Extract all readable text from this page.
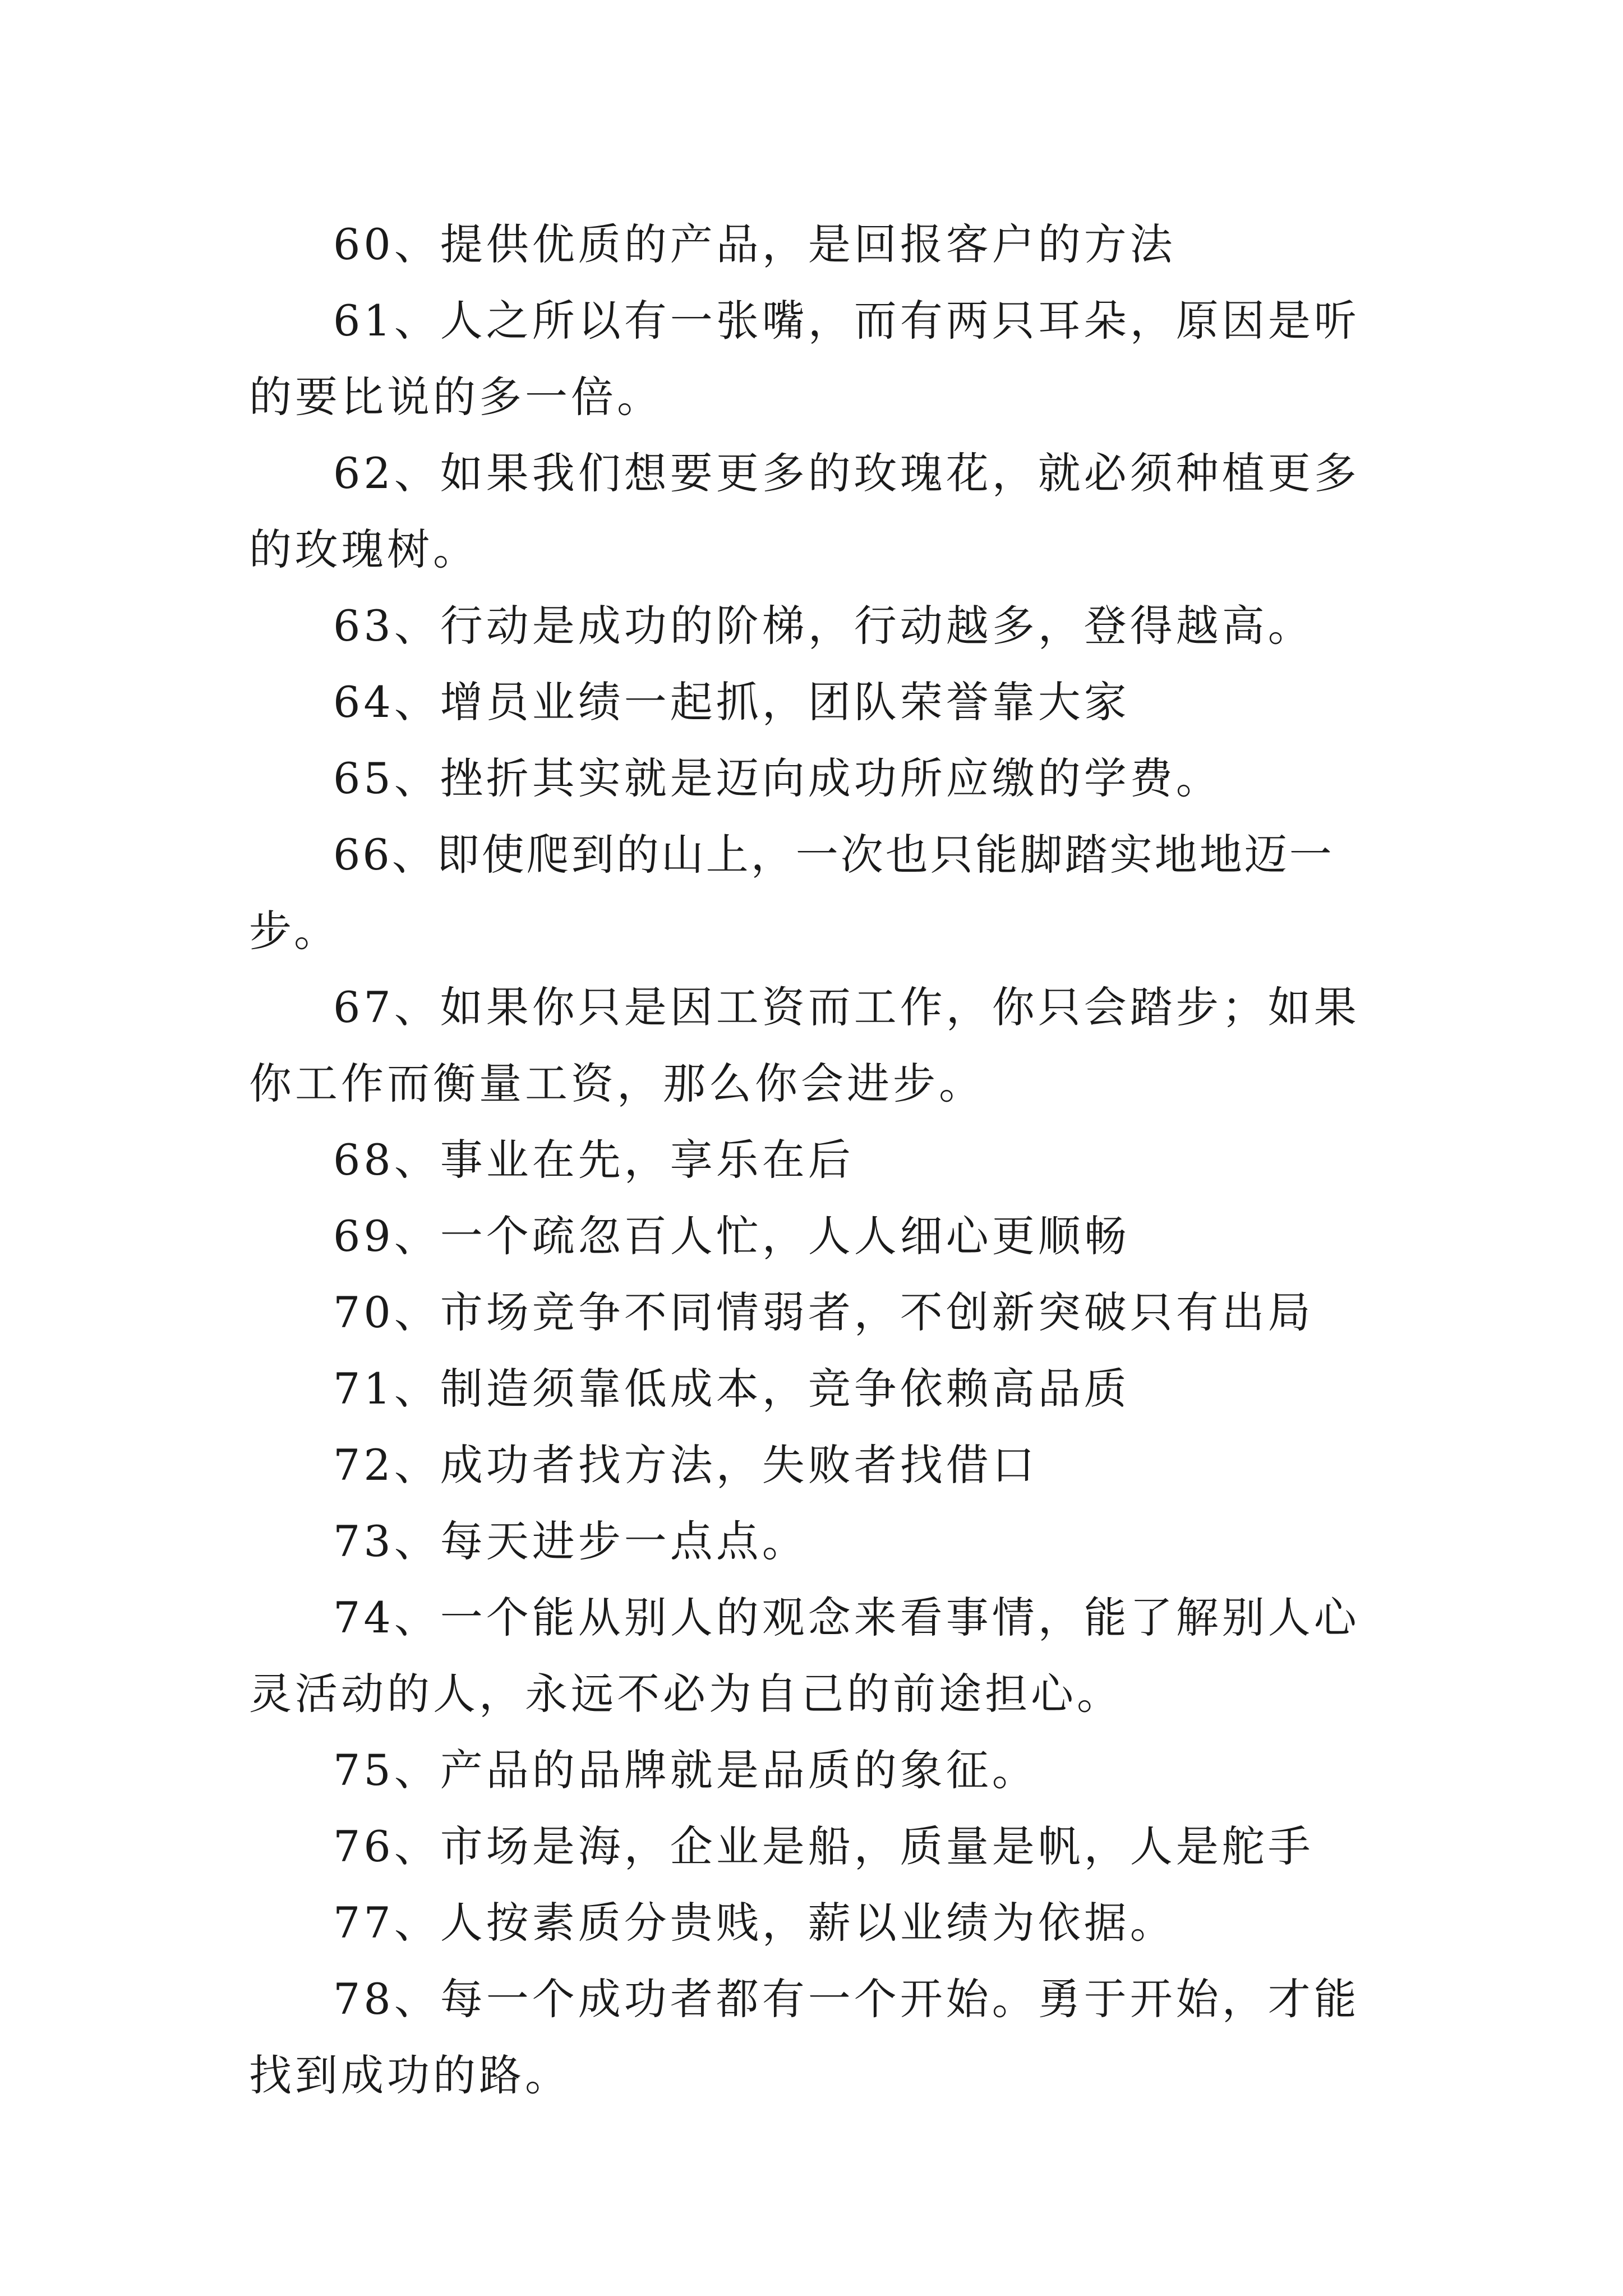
60、提供优质的产品，是回报客户的方法

61、人之所以有一张嘴，而有两只耳朵，原因是听的要比说的多一倍。

62、如果我们想要更多的玫瑰花，就必须种植更多的玫瑰树。

63、行动是成功的阶梯，行动越多，登得越高。

64、增员业绩一起抓，团队荣誉靠大家

65、挫折其实就是迈向成功所应缴的学费。

66、即使爬到的山上，一次也只能脚踏实地地迈一步。

67、如果你只是因工资而工作，你只会踏步；如果你工作而衡量工资，那么你会进步。

68、事业在先，享乐在后

69、一个疏忽百人忙，人人细心更顺畅

70、市场竞争不同情弱者，不创新突破只有出局

71、制造须靠低成本，竞争依赖高品质

72、成功者找方法，失败者找借口

73、每天进步一点点。

74、一个能从别人的观念来看事情，能了解别人心灵活动的人，永远不必为自己的前途担心。

75、产品的品牌就是品质的象征。

76、市场是海，企业是船，质量是帆，人是舵手

77、人按素质分贵贱，薪以业绩为依据。

78、每一个成功者都有一个开始。勇于开始，才能找到成功的路。
